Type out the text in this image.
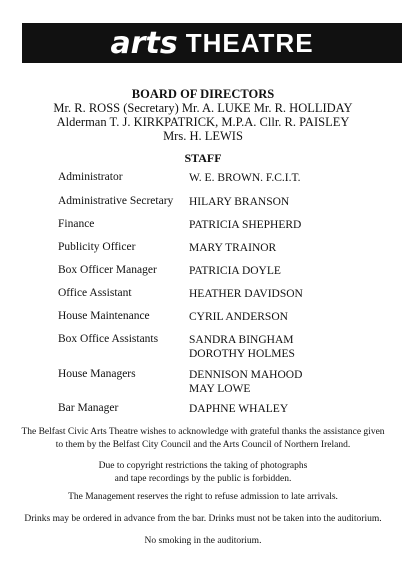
arts THEATRE
BOARD OF DIRECTORS
Mr. R. ROSS (Secretary) Mr. A. LUKE Mr. R. HOLLIDAY
Alderman T. J. KIRKPATRICK, M.P.A. Cllr. R. PAISLEY
Mrs. H. LEWIS
STAFF
Administrator	W. E. BROWN. F.C.I.T.
Administrative Secretary HILARY BRANSON
Finance	PATRICIA SHEPHERD
Publicity Officer	MARY TRAINOR
Box Officer Manager	PATRICIA DOYLE
Office Assistant	HEATHER DAVIDSON
House Maintenance	CYRIL ANDERSON
Box Office Assistants	SANDRA BINGHAM
DOROTHY HOLMES
House Managers	DENNISON MAHOOD
MAY LOWE
Bar Manager	DAPHNE WHALEY
The Belfast Civic Arts Theatre wishes to acknowledge with grateful thanks the assistance given
to them by the Belfast City Council and the Arts Council of Northern Ireland.
Due to copyright restrictions the taking of photographs
and tape recordings by the public is forbidden.
The Management reserves the right to refuse admission to late arrivals.
Drinks may be ordered in advance from the bar. Drinks must not be taken into the auditorium.
No smoking in the auditorium.
